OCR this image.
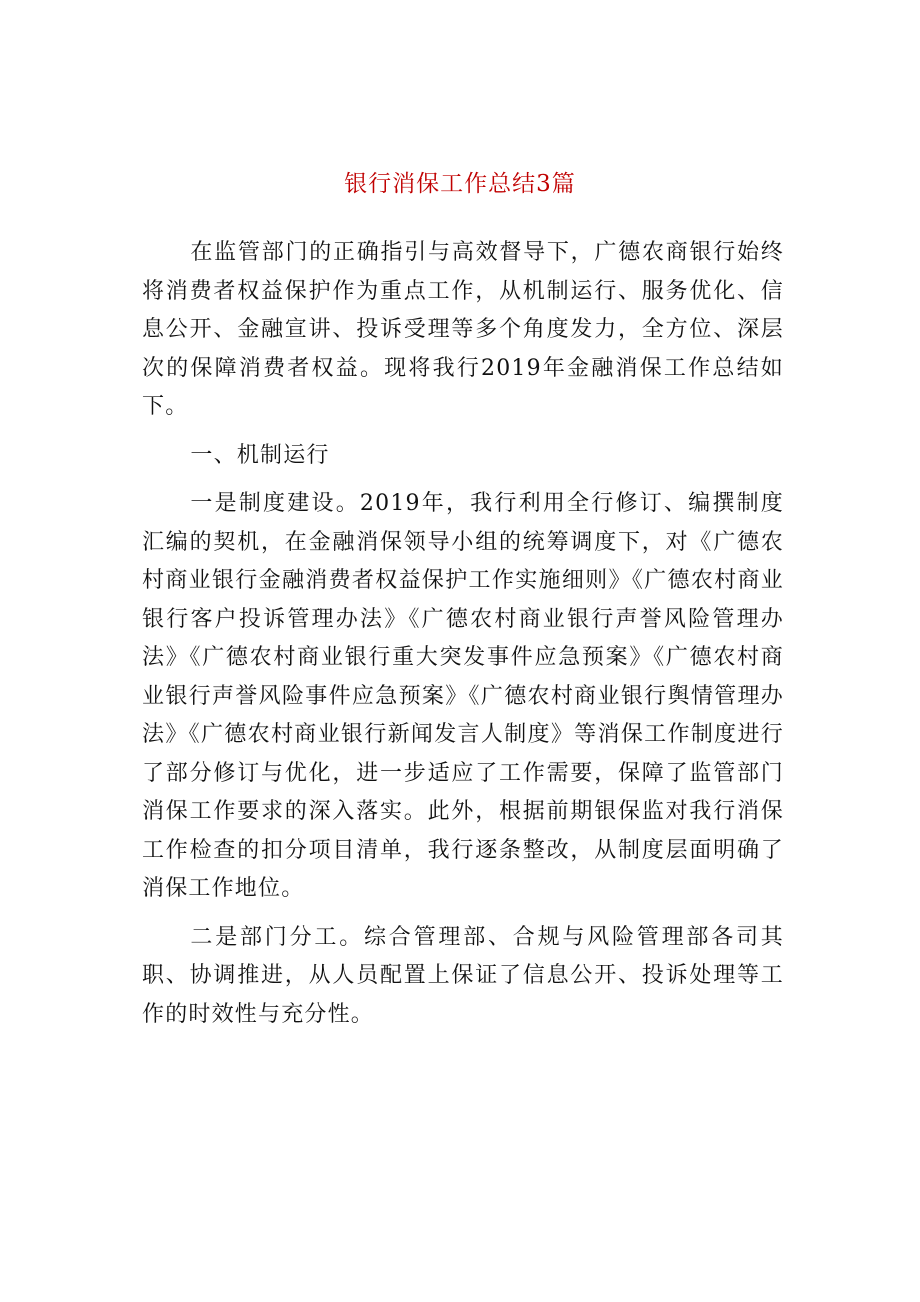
银行消保工作总结3篇

在监管部门的正确指引与高效督导下，广德农商银行始终将消费者权益保护作为重点工作，从机制运行、服务优化、信息公开、金融宣讲、投诉受理等多个角度发力，全方位、深层次的保障消费者权益。现将我行2019年金融消保工作总结如下。

一、机制运行

一是制度建设。2019年，我行利用全行修订、编撰制度汇编的契机，在金融消保领导小组的统筹调度下，对《广德农村商业银行金融消费者权益保护工作实施细则》《广德农村商业银行客户投诉管理办法》《广德农村商业银行声誉风险管理办法》《广德农村商业银行重大突发事件应急预案》《广德农村商业银行声誉风险事件应急预案》《广德农村商业银行舆情管理办法》《广德农村商业银行新闻发言人制度》等消保工作制度进行了部分修订与优化，进一步适应了工作需要，保障了监管部门消保工作要求的深入落实。此外，根据前期银保监对我行消保工作检查的扣分项目清单，我行逐条整改，从制度层面明确了消保工作地位。

二是部门分工。综合管理部、合规与风险管理部各司其职、协调推进，从人员配置上保证了信息公开、投诉处理等工作的时效性与充分性。
